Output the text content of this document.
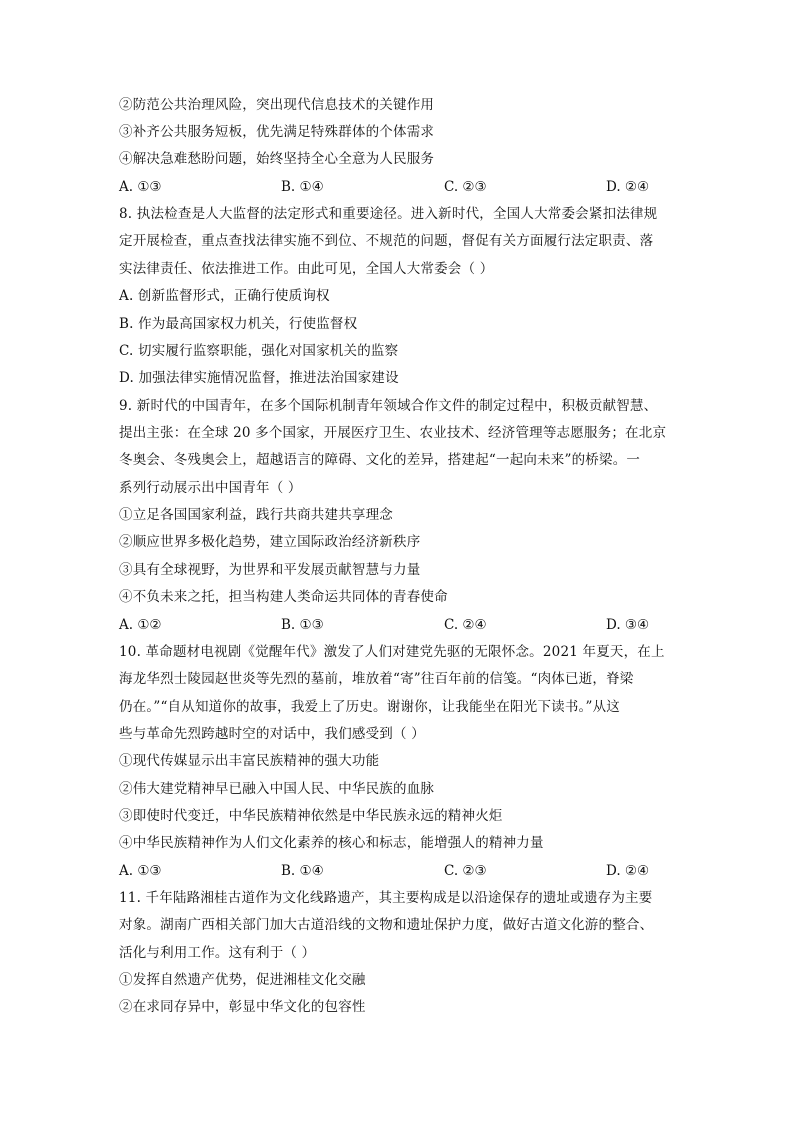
②防范公共治理风险，突出现代信息技术的关键作用
③补齐公共服务短板，优先满足特殊群体的个体需求
④解决急难愁盼问题，始终坚持全心全意为人民服务
A. ①③	B. ①④	C. ②③	D. ②④
8. 执法检查是人大监督的法定形式和重要途径。进入新时代，全国人大常委会紧扣法律规
定开展检查，重点查找法律实施不到位、不规范的问题，督促有关方面履行法定职责、落
实法律责任、依法推进工作。由此可见，全国人大常委会（ ）
A. 创新监督形式，正确行使质询权
B. 作为最高国家权力机关，行使监督权
C. 切实履行监察职能，强化对国家机关的监察
D. 加强法律实施情况监督，推进法治国家建设
9. 新时代的中国青年，在多个国际机制青年领域合作文件的制定过程中，积极贡献智慧、
提出主张：在全球 20 多个国家，开展医疗卫生、农业技术、经济管理等志愿服务；在北京
冬奥会、冬残奥会上，超越语言的障碍、文化的差异，搭建起“一起向未来”的桥梁。一
系列行动展示出中国青年（ ）
①立足各国国家利益，践行共商共建共享理念
②顺应世界多极化趋势，建立国际政治经济新秩序
③具有全球视野，为世界和平发展贡献智慧与力量
④不负未来之托，担当构建人类命运共同体的青春使命
A. ①②	B. ①③	C. ②④	D. ③④
10. 革命题材电视剧《觉醒年代》激发了人们对建党先驱的无限怀念。2021 年夏天，在上
海龙华烈士陵园赵世炎等先烈的墓前，堆放着“寄”往百年前的信笺。“肉体已逝，脊梁
仍在。”“自从知道你的故事，我爱上了历史。谢谢你，让我能坐在阳光下读书。”从这
些与革命先烈跨越时空的对话中，我们感受到（ ）
①现代传媒显示出丰富民族精神的强大功能
②伟大建党精神早已融入中国人民、中华民族的血脉
③即使时代变迁，中华民族精神依然是中华民族永远的精神火炬
④中华民族精神作为人们文化素养的核心和标志，能增强人的精神力量
A. ①③	B. ①④	C. ②③	D. ②④
11. 千年陆路湘桂古道作为文化线路遗产，其主要构成是以沿途保存的遗址或遗存为主要
对象。湖南广西相关部门加大古道沿线的文物和遗址保护力度，做好古道文化游的整合、
活化与利用工作。这有利于（ ）
①发挥自然遗产优势，促进湘桂文化交融
②在求同存异中，彰显中华文化的包容性
